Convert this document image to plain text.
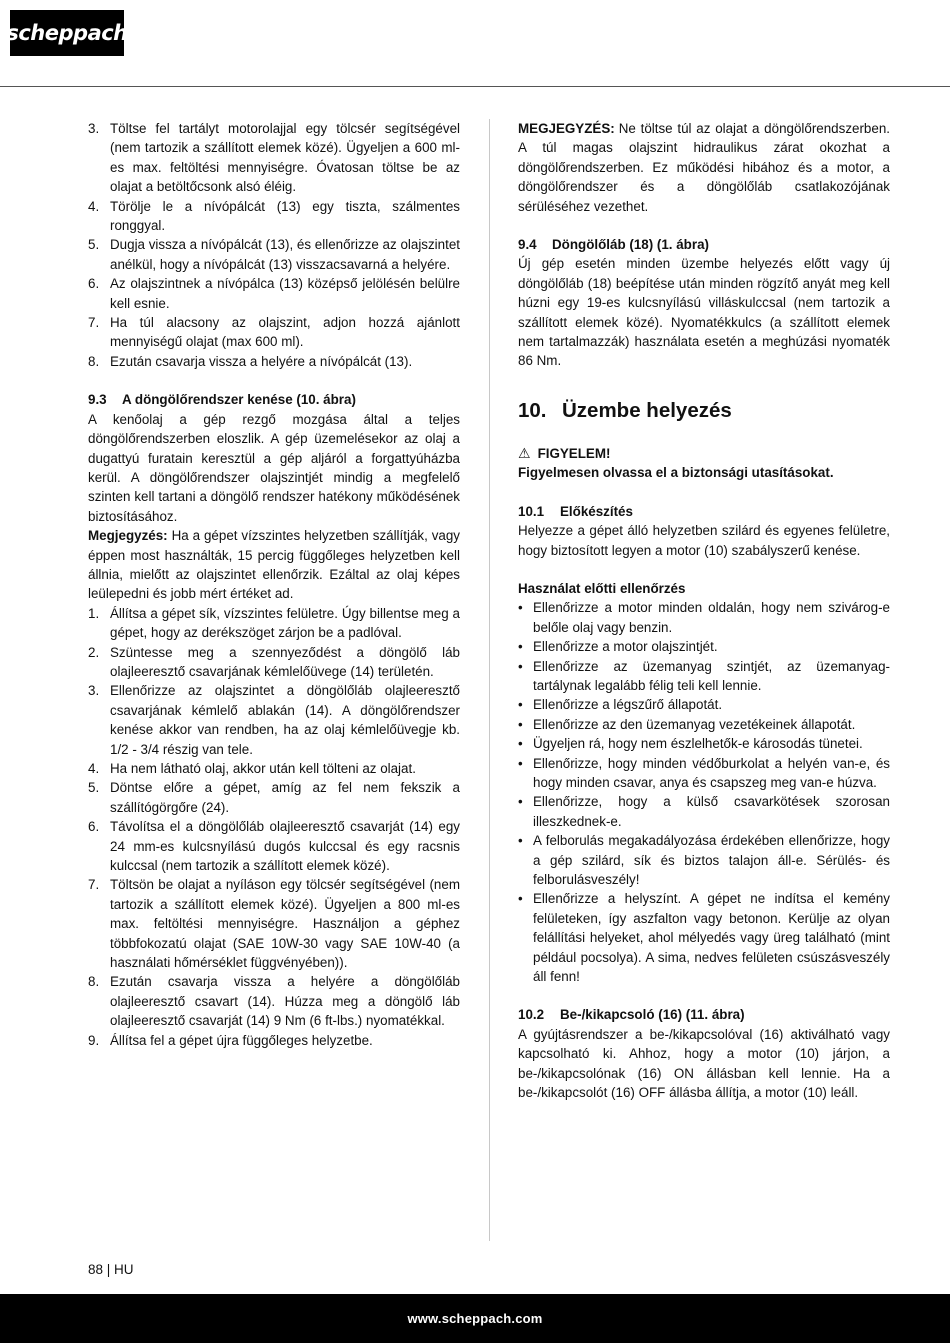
scheppach
3. Töltse fel tartályt motorolajjal egy tölcsér segítségével (nem tartozik a szállított elemek közé). Ügyeljen a 600 ml-es max. feltöltési mennyiségre. Óvatosan töltse be az olajat a betöltőcsonk alsó éléig.
4. Törölje le a nívópálcát (13) egy tiszta, szálmentes ronggyal.
5. Dugja vissza a nívópálcát (13), és ellenőrizze az olajszintet anélkül, hogy a nívópálcát (13) visszacsavarná a helyére.
6. Az olajszintnek a nívópálca (13) középső jelölésén belülre kell esnie.
7. Ha túl alacsony az olajszint, adjon hozzá ajánlott mennyiségű olajat (max 600 ml).
8. Ezután csavarja vissza a helyére a nívópálcát (13).
9.3	A döngölőrendszer kenése (10. ábra)
A kenőolaj a gép rezgő mozgása által a teljes döngölőrendszerben eloszlik. A gép üzemelésekor az olaj a dugattyú furatain keresztül a gép aljáról a forgattyúházba kerül. A döngölőrendszer olajszintjét mindig a megfelelő szinten kell tartani a döngölő rendszer hatékony működésének biztosításához.
Megjegyzés: Ha a gépet vízszintes helyzetben szállítják, vagy éppen most használták, 15 percig függőleges helyzetben kell állnia, mielőtt az olajszintet ellenőrzik. Ezáltal az olaj képes leülepedni és jobb mért értéket ad.
1. Állítsa a gépet sík, vízszintes felületre. Úgy billentse meg a gépet, hogy az derékszöget zárjon be a padlóval.
2. Szüntesse meg a szennyeződést a döngölő láb olajleeresztő csavarjának kémlelőüvege (14) területén.
3. Ellenőrizze az olajszintet a döngölőláb olajleeresztő csavarjának kémlelő ablakán (14). A döngölőrendszer kenése akkor van rendben, ha az olaj kémlelőüvegje kb. 1/2 - 3/4 részig van tele.
4. Ha nem látható olaj, akkor után kell tölteni az olajat.
5. Döntse előre a gépet, amíg az fel nem fekszik a szállítógörgőre (24).
6. Távolítsa el a döngölőláb olajleeresztő csavarját (14) egy 24 mm-es kulcsnyílású dugós kulccsal és egy racsnis kulccsal (nem tartozik a szállított elemek közé).
7. Töltsön be olajat a nyíláson egy tölcsér segítségével (nem tartozik a szállított elemek közé). Ügyeljen a 800 ml-es max. feltöltési mennyiségre. Használjon a géphez többfokozatú olajat (SAE 10W-30 vagy SAE 10W-40 (a használati hőmérséklet függvényében)).
8. Ezután csavarja vissza a helyére a döngölőláb olajleeresztő csavart (14). Húzza meg a döngölő láb olajleeresztő csavarját (14) 9 Nm (6 ft-lbs.) nyomatékkal.
9. Állítsa fel a gépet újra függőleges helyzetbe.
MEGJEGYZÉS: Ne töltse túl az olajat a döngölőrendszerben. A túl magas olajszint hidraulikus zárat okozhat a döngölőrendszerben. Ez működési hibához és a motor, a döngölőrendszer és a döngölőláb csatlakozójának sérüléséhez vezethet.
9.4	Döngölőláb (18) (1. ábra)
Új gép esetén minden üzembe helyezés előtt vagy új döngölőláb (18) beépítése után minden rögzítő anyát meg kell húzni egy 19-es kulcsnyílású villáskulccsal (nem tartozik a szállított elemek közé). Nyomatékkulcs (a szállított elemek nem tartalmazzák) használata esetén a meghúzási nyomaték 86 Nm.
10. Üzembe helyezés
⚠ FIGYELEM!
Figyelmesen olvassa el a biztonsági utasításokat.
10.1	Előkészítés
Helyezze a gépet álló helyzetben szilárd és egyenes felületre, hogy biztosított legyen a motor (10) szabályszerű kenése.
Használat előtti ellenőrzés
• Ellenőrizze a motor minden oldalán, hogy nem szivárog-e belőle olaj vagy benzin.
• Ellenőrizze a motor olajszintjét.
• Ellenőrizze az üzemanyag szintjét, az üzemanyag-tartálynak legalább félig teli kell lennie.
• Ellenőrizze a légszűrő állapotát.
• Ellenőrizze az den üzemanyag vezetékeinek állapotát.
• Ügyeljen rá, hogy nem észlelhetők-e károsodás tünetei.
• Ellenőrizze, hogy minden védőburkolat a helyén van-e, és hogy minden csavar, anya és csapszeg meg van-e húzva.
• Ellenőrizze, hogy a külső csavarkötések szorosan illeszkednek-e.
• A felborulás megakadályozása érdekében ellenőrizze, hogy a gép szilárd, sík és biztos talajon áll-e. Sérülés- és felborulásveszély!
• Ellenőrizze a helyszínt. A gépet ne indítsa el kemény felületeken, így aszfalton vagy betonon. Kerülje az olyan felállítási helyeket, ahol mélyedés vagy üreg található (mint például pocsolya). A sima, nedves felületen csúszásveszély áll fenn!
10.2	Be-/kikapcsoló (16) (11. ábra)
A gyújtásrendszer a be-/kikapcsolóval (16) aktiválható vagy kapcsolható ki. Ahhoz, hogy a motor (10) járjon, a be-/kikapcsolónak (16) ON állásban kell lennie. Ha a be-/kikapcsolót (16) OFF állásba állítja, a motor (10) leáll.
88 | HU
www.scheppach.com
